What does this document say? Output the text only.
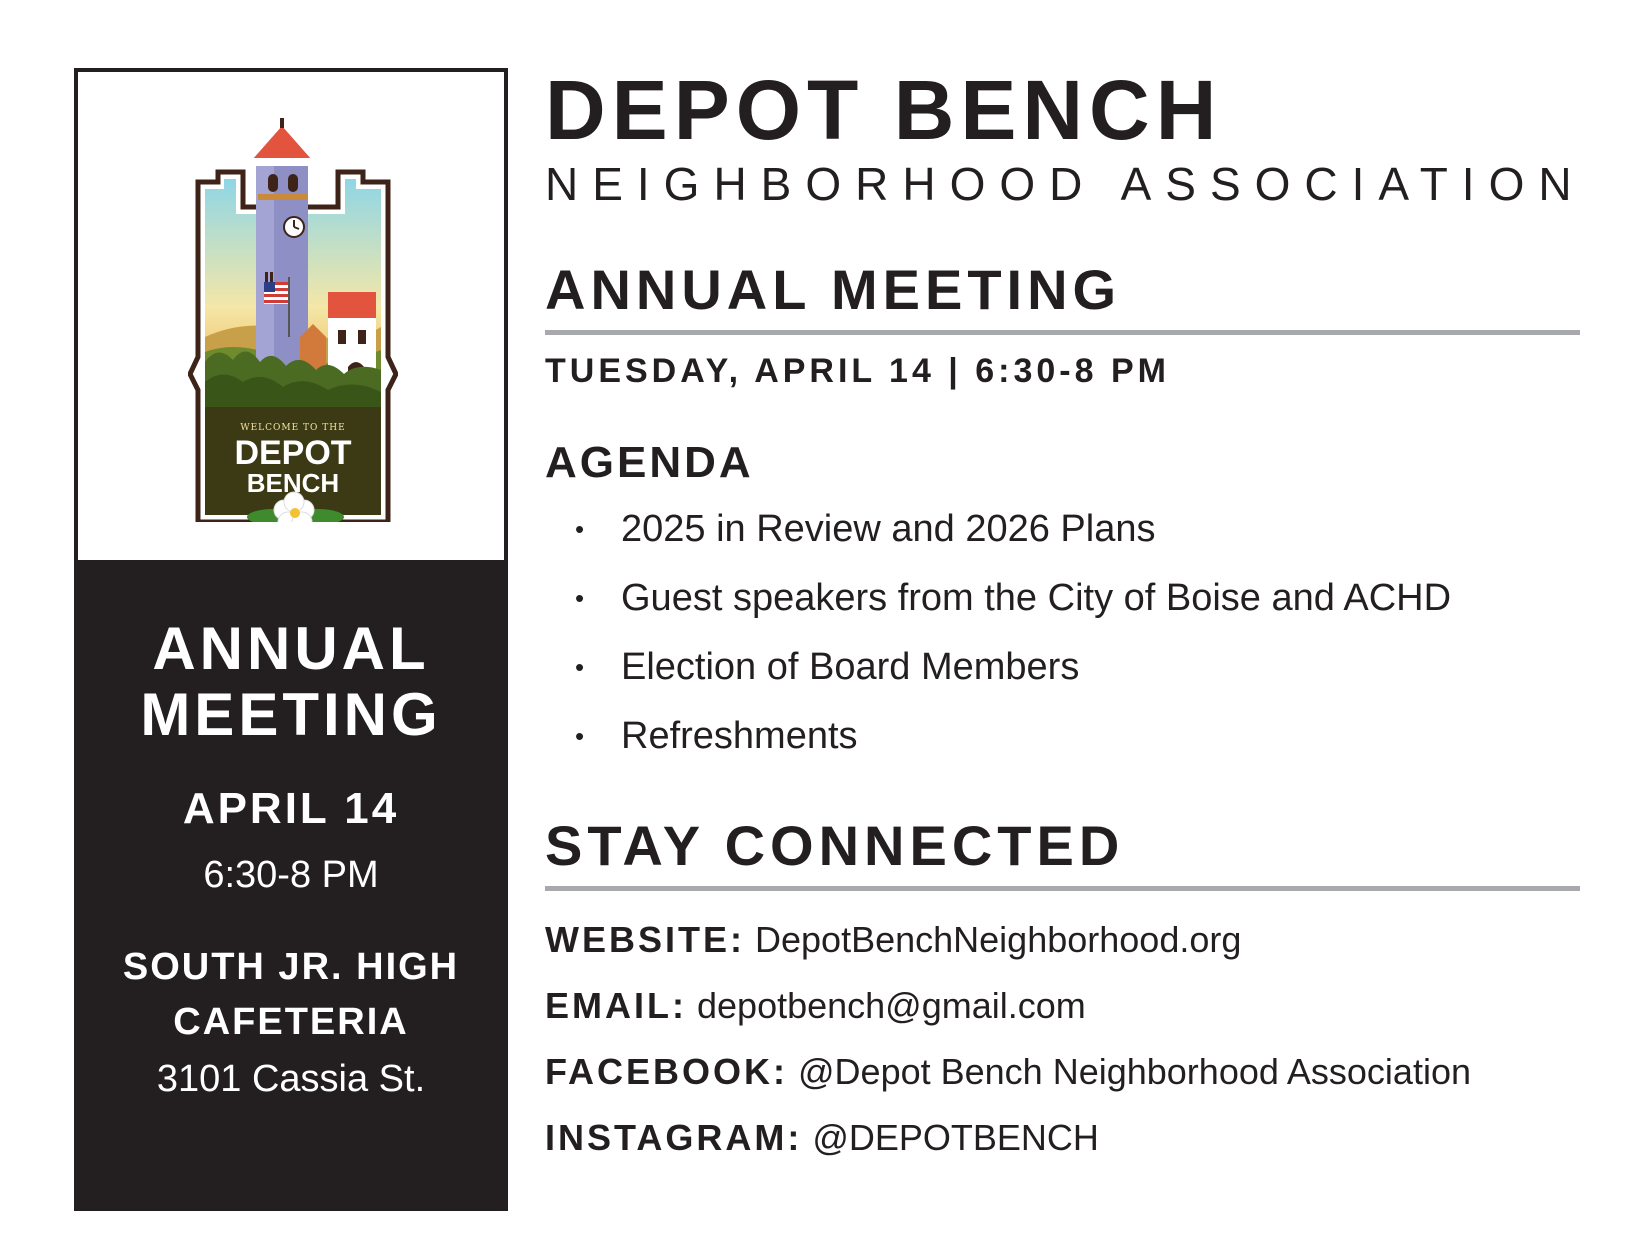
WELCOME TO THE
DEPOT
BENCH
ANNUAL
MEETING
APRIL 14
6:30-8 PM
SOUTH JR. HIGH
CAFETERIA
3101 Cassia St.
DEPOT BENCH
NEIGHBORHOOD ASSOCIATION
ANNUAL MEETING
TUESDAY, APRIL 14 | 6:30-8 PM
AGENDA
• 2025 in Review and 2026 Plans
• Guest speakers from the City of Boise and ACHD
• Election of Board Members
• Refreshments
STAY CONNECTED
WEBSITE: DepotBenchNeighborhood.org
EMAIL: depotbench@gmail.com
FACEBOOK: @Depot Bench Neighborhood Association
INSTAGRAM: @DEPOTBENCH
